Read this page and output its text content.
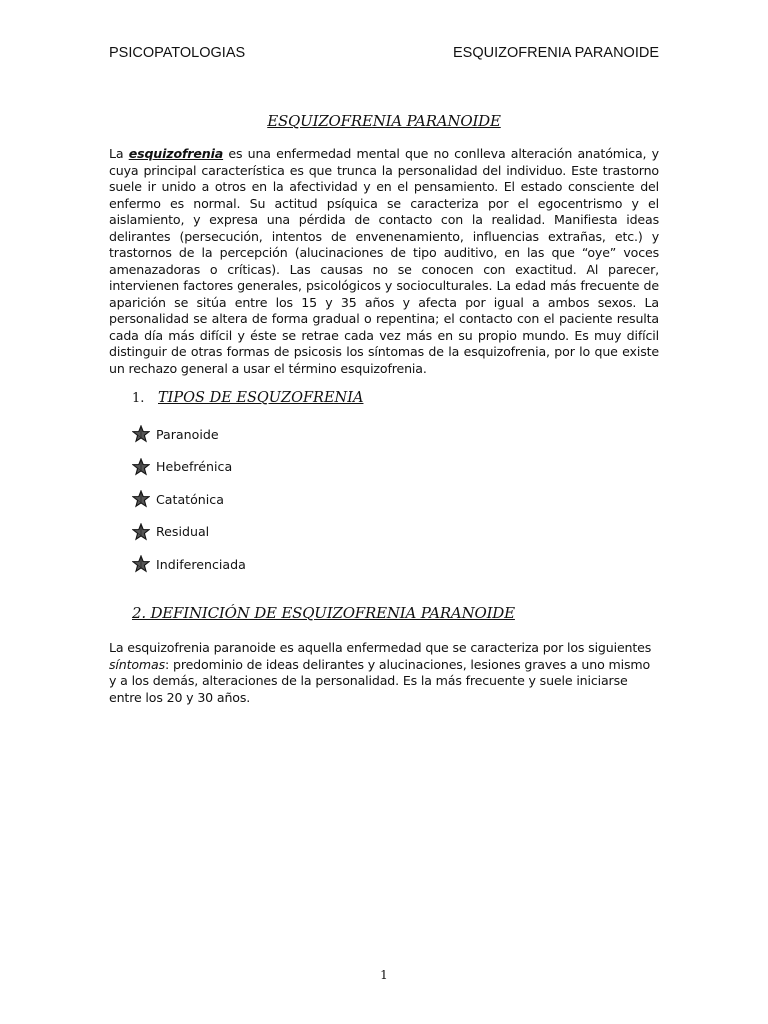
PSICOPATOLOGIAS	ESQUIZOFRENIA PARANOIDE
ESQUIZOFRENIA PARANOIDE

La esquizofrenia es una enfermedad mental que no conlleva alteración anatómica, y cuya principal característica es que trunca la personalidad del individuo. Este trastorno suele ir unido a otros en la afectividad y en el pensamiento. El estado consciente del enfermo es normal. Su actitud psíquica se caracteriza por el egocentrismo y el aislamiento, y expresa una pérdida de contacto con la realidad. Manifiesta ideas delirantes (persecución, intentos de envenenamiento, influencias extrañas, etc.) y trastornos de la percepción (alucinaciones de tipo auditivo, en las que “oye” voces amenazadoras o críticas). Las causas no se conocen con exactitud. Al parecer, intervienen factores generales, psicológicos y socioculturales. La edad más frecuente de aparición se sitúa entre los 15 y 35 años y afecta por igual a ambos sexos. La personalidad se altera de forma gradual o repentina; el contacto con el paciente resulta cada día más difícil y éste se retrae cada vez más en su propio mundo. Es muy difícil distinguir de otras formas de psicosis los síntomas de la esquizofrenia, por lo que existe un rechazo general a usar el término esquizofrenia.

1. TIPOS DE ESQUZOFRENIA
Paranoide
Hebefrénica
Catatónica
Residual
Indiferenciada
2. DEFINICIÓN DE ESQUIZOFRENIA PARANOIDE

La esquizofrenia paranoide es aquella enfermedad que se caracteriza por los siguientes síntomas: predominio de ideas delirantes y alucinaciones, lesiones graves a uno mismo y a los demás, alteraciones de la personalidad. Es la más frecuente y suele iniciarse entre los 20 y 30 años.

1
